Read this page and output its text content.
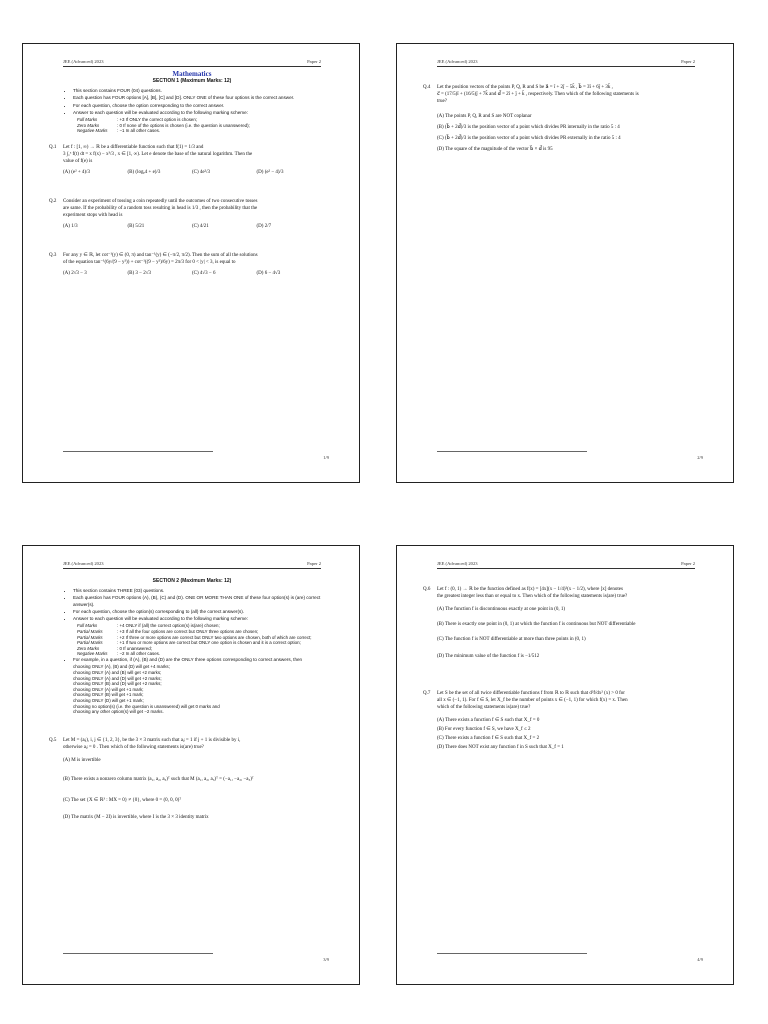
JEE (Advanced) 2023	Paper 2
Mathematics
SECTION 1 (Maximum Marks: 12)
• This section contains FOUR (04) questions.
• Each question has FOUR options [A], [B], [C] and [D]. ONLY ONE of these four options is the correct answer.
• For each question, choose the option corresponding to the correct answer.
• Answer to each question will be evaluated according to the following marking scheme:
Full Marks	: +3 If ONLY the correct option is chosen;
Zero Marks	: 0 If none of the options is chosen (i.e. the question is unanswered);
Negative Marks : −1 In all other cases.
Q.1 Let f : [1, ∞) → ℝ be a differentiable function such that f(1) = 1/3 and
3 ∫₁ˣ f(t) dt = x f(x) − x³/3 , x ∈ [1, ∞). Let e denote the base of the natural logarithm. Then the
value of f(e) is
(A) (e² + 4)/3	(B) (logₑ4 + e)/3	(C) 4e²/3	(D) (e² − 4)/3
Q.2 Consider an experiment of tossing a coin repeatedly until the outcomes of two consecutive tosses
are same. If the probability of a random toss resulting in head is 1/3 , then the probability that the
experiment stops with head is
(A) 1/3	(B) 5/21	(C) 4/21	(D) 2/7
Q.3 For any y ∈ ℝ, let cot⁻¹(y) ∈ (0, π) and tan⁻¹(y) ∈ (−π/2, π/2). Then the sum of all the solutions
of the equation tan⁻¹(6y/(9 − y²)) + cot⁻¹((9 − y²)/6y) = 2π/3 for 0 < |y| < 3, is equal to
(A) 2√3 − 3	(B) 3 − 2√3	(C) 4√3 − 6	(D) 6 − 4√3
1/9
JEE (Advanced) 2023	Paper 2
Q.4 Let the position vectors of the points P, Q, R and S be a⃗ = î + 2ĵ − 5k̂ , b⃗ = 3î + 6ĵ + 3k̂ ,
c⃗ = (17/5)î + (16/5)ĵ + 7k̂ and d⃗ = 2î + ĵ + k̂ , respectively. Then which of the following statements is
true?
(A) The points P, Q, R and S are NOT coplanar
(B) (b⃗ + 2d⃗)/3 is the position vector of a point which divides PR internally in the ratio 5 : 4
(C) (b⃗ + 2d⃗)/3 is the position vector of a point which divides PR externally in the ratio 5 : 4
(D) The square of the magnitude of the vector b⃗ × d⃗ is 95
2/9
JEE (Advanced) 2023	Paper 2
SECTION 2 (Maximum Marks: 12)
• This section contains THREE (03) questions.
• Each question has FOUR options (A), (B), (C) and (D). ONE OR MORE THAN ONE of these four option(s) is (are) correct answer(s).
• For each question, choose the option(s) corresponding to (all) the correct answer(s).
• Answer to each question will be evaluated according to the following marking scheme:
Full Marks	: +4 ONLY if (all) the correct option(s) is(are) chosen;
Partial Marks	: +3 If all the four options are correct but ONLY three options are chosen;
Partial Marks	: +2 If three or more options are correct but ONLY two options are chosen, both of which are correct;
Partial Marks	: +1 If two or more options are correct but ONLY one option is chosen and it is a correct option;
Zero Marks	: 0 If unanswered;
Negative Marks : −2 In all other cases.
• For example, in a question, if (A), (B) and (D) are the ONLY three options corresponding to correct answers, then
choosing ONLY (A), (B) and (D) will get +4 marks;
choosing ONLY (A) and (B) will get +2 marks;
choosing ONLY (A) and (D) will get +2 marks;
choosing ONLY (B) and (D) will get +2 marks;
choosing ONLY (A) will get +1 mark;
choosing ONLY (B) will get +1 mark;
choosing ONLY (D) will get +1 mark;
choosing no option(s) (i.e. the question is unanswered) will get 0 marks and
choosing any other option(s) will get −2 marks.
Q.5 Let M = (aᵢⱼ), i, j ∈ {1, 2, 3}, be the 3 × 3 matrix such that aᵢⱼ = 1 if j + 1 is divisible by i,
otherwise aᵢⱼ = 0 . Then which of the following statements is(are) true?
(A) M is invertible
(B) There exists a nonzero column matrix (a₁, a₂, a₃)ᵀ such that M (a₁, a₂, a₃)ᵀ = (−a₁, −a₂, −a₃)ᵀ
(C) The set {X ∈ ℝ³ : MX = 0} ≠ {0}, where 0 = (0, 0, 0)ᵀ
(D) The matrix (M − 2I) is invertible, where I is the 3 × 3 identity matrix
3/9
JEE (Advanced) 2023	Paper 2
Q.6 Let f : (0, 1) → ℝ be the function defined as f(x) = [4x](x − 1/4)²(x − 1/2), where [x] denotes
the greatest integer less than or equal to x. Then which of the following statements is(are) true?
(A) The function f is discontinuous exactly at one point in (0, 1)
(B) There is exactly one point in (0, 1) at which the function f is continuous but NOT differentiable
(C) The function f is NOT differentiable at more than three points in (0, 1)
(D) The minimum value of the function f is −1/512
Q.7 Let S be the set of all twice differentiable functions f from ℝ to ℝ such that d²f/dx² (x) > 0 for
all x ∈ (−1, 1). For f ∈ S, let X_f be the number of points x ∈ (−1, 1) for which f(x) = x. Then
which of the following statements is(are) true?
(A) There exists a function f ∈ S such that X_f = 0
(B) For every function f ∈ S, we have X_f ≤ 2
(C) There exists a function f ∈ S such that X_f = 2
(D) There does NOT exist any function f in S such that X_f = 1
4/9
